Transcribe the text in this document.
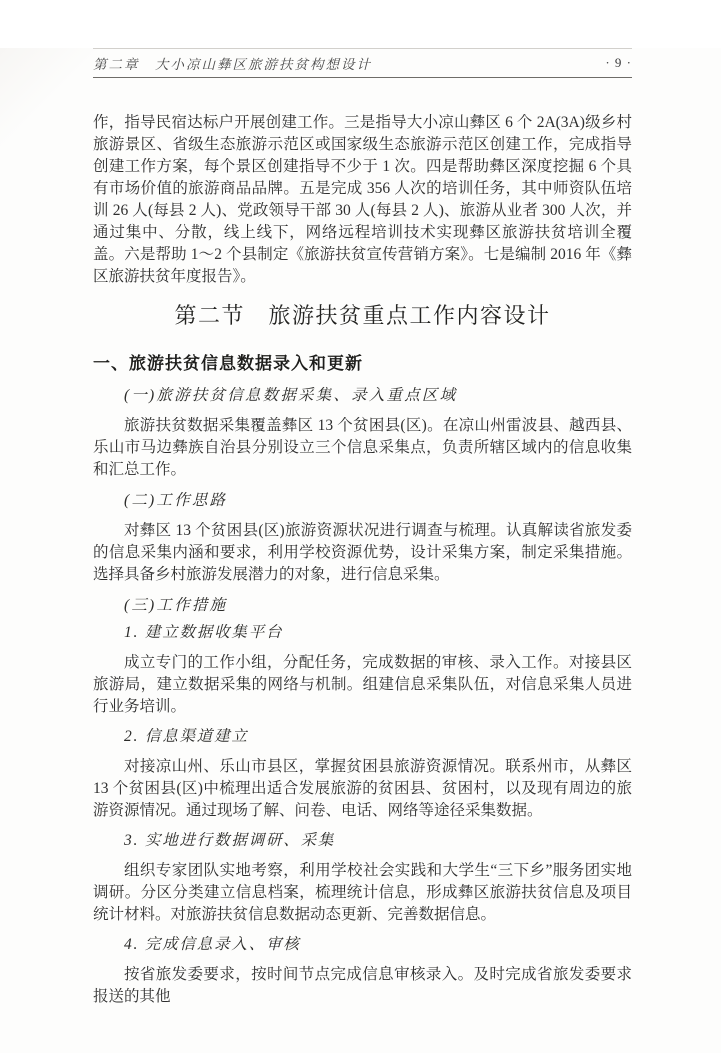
第二章　大小凉山彝区旅游扶贫构想设计	· 9 ·

作，指导民宿达标户开展创建工作。三是指导大小凉山彝区 6 个 2A(3A)级乡村旅游景区、省级生态旅游示范区或国家级生态旅游示范区创建工作，完成指导创建工作方案，每个景区创建指导不少于 1 次。四是帮助彝区深度挖掘 6 个具有市场价值的旅游商品品牌。五是完成 356 人次的培训任务，其中师资队伍培训 26 人(每县 2 人)、党政领导干部 30 人(每县 2 人)、旅游从业者 300 人次，并通过集中、分散，线上线下，网络远程培训技术实现彝区旅游扶贫培训全覆盖。六是帮助 1～2 个县制定《旅游扶贫宣传营销方案》。七是编制 2016 年《彝区旅游扶贫年度报告》。

第二节　旅游扶贫重点工作内容设计
一、旅游扶贫信息数据录入和更新
(一)旅游扶贫信息数据采集、录入重点区域

旅游扶贫数据采集覆盖彝区 13 个贫困县(区)。在凉山州雷波县、越西县、乐山市马边彝族自治县分别设立三个信息采集点，负责所辖区域内的信息收集和汇总工作。

(二)工作思路

对彝区 13 个贫困县(区)旅游资源状况进行调查与梳理。认真解读省旅发委的信息采集内涵和要求，利用学校资源优势，设计采集方案，制定采集措施。选择具备乡村旅游发展潜力的对象，进行信息采集。

(三)工作措施
1. 建立数据收集平台

成立专门的工作小组，分配任务，完成数据的审核、录入工作。对接县区旅游局，建立数据采集的网络与机制。组建信息采集队伍，对信息采集人员进行业务培训。

2. 信息渠道建立

对接凉山州、乐山市县区，掌握贫困县旅游资源情况。联系州市，从彝区 13 个贫困县(区)中梳理出适合发展旅游的贫困县、贫困村，以及现有周边的旅游资源情况。通过现场了解、问卷、电话、网络等途径采集数据。

3. 实地进行数据调研、采集

组织专家团队实地考察，利用学校社会实践和大学生“三下乡”服务团实地调研。分区分类建立信息档案，梳理统计信息，形成彝区旅游扶贫信息及项目统计材料。对旅游扶贫信息数据动态更新、完善数据信息。

4. 完成信息录入、审核

按省旅发委要求，按时间节点完成信息审核录入。及时完成省旅发委要求报送的其他
